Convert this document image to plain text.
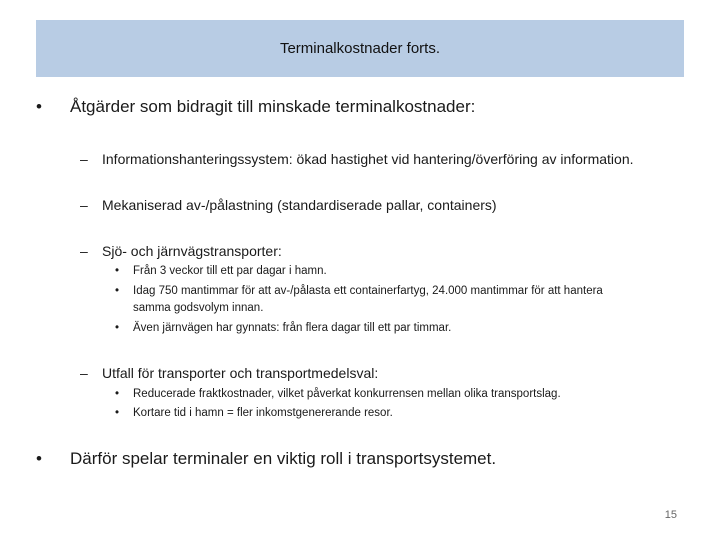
Terminalkostnader forts.
• Åtgärder som bidragit till minskade terminalkostnader:
– Informationshanteringssystem: ökad hastighet vid hantering/överföring av information.
– Mekaniserad av-/pålastning (standardiserade pallar, containers)
– Sjö- och järnvägstransporter:
• Från 3 veckor till ett par dagar i hamn.
• Idag 750 mantimmar för att av-/pålasta ett containerfartyg, 24.000 mantimmar för att hantera
samma godsvolym innan.
• Även järnvägen har gynnats: från flera dagar till ett par timmar.
– Utfall för transporter och transportmedelsval:
• Reducerade fraktkostnader, vilket påverkat konkurrensen mellan olika transportslag.
• Kortare tid i hamn = fler inkomstgenererande resor.
• Därför spelar terminaler en viktig roll i transportsystemet.
15
